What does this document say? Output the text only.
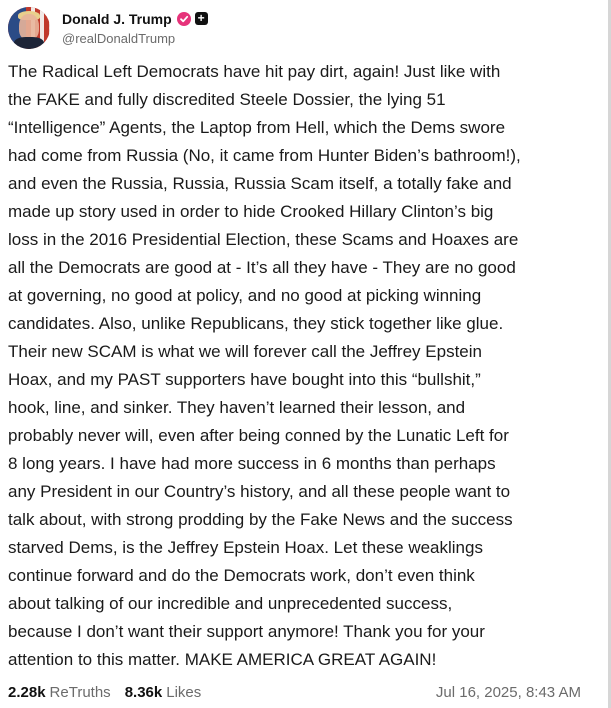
Donald J. Trump +
@realDonaldTrump
The Radical Left Democrats have hit pay dirt, again! Just like with
the FAKE and fully discredited Steele Dossier, the lying 51
“Intelligence” Agents, the Laptop from Hell, which the Dems swore
had come from Russia (No, it came from Hunter Biden’s bathroom!),
and even the Russia, Russia, Russia Scam itself, a totally fake and
made up story used in order to hide Crooked Hillary Clinton’s big
loss in the 2016 Presidential Election, these Scams and Hoaxes are
all the Democrats are good at - It’s all they have - They are no good
at governing, no good at policy, and no good at picking winning
candidates. Also, unlike Republicans, they stick together like glue.
Their new SCAM is what we will forever call the Jeffrey Epstein
Hoax, and my PAST supporters have bought into this “bullshit,”
hook, line, and sinker. They haven’t learned their lesson, and
probably never will, even after being conned by the Lunatic Left for
8 long years. I have had more success in 6 months than perhaps
any President in our Country’s history, and all these people want to
talk about, with strong prodding by the Fake News and the success
starved Dems, is the Jeffrey Epstein Hoax. Let these weaklings
continue forward and do the Democrats work, don’t even think
about talking of our incredible and unprecedented success,
because I don’t want their support anymore! Thank you for your
attention to this matter. MAKE AMERICA GREAT AGAIN!
2.28k ReTruths 8.36k Likes	Jul 16, 2025, 8:43 AM
